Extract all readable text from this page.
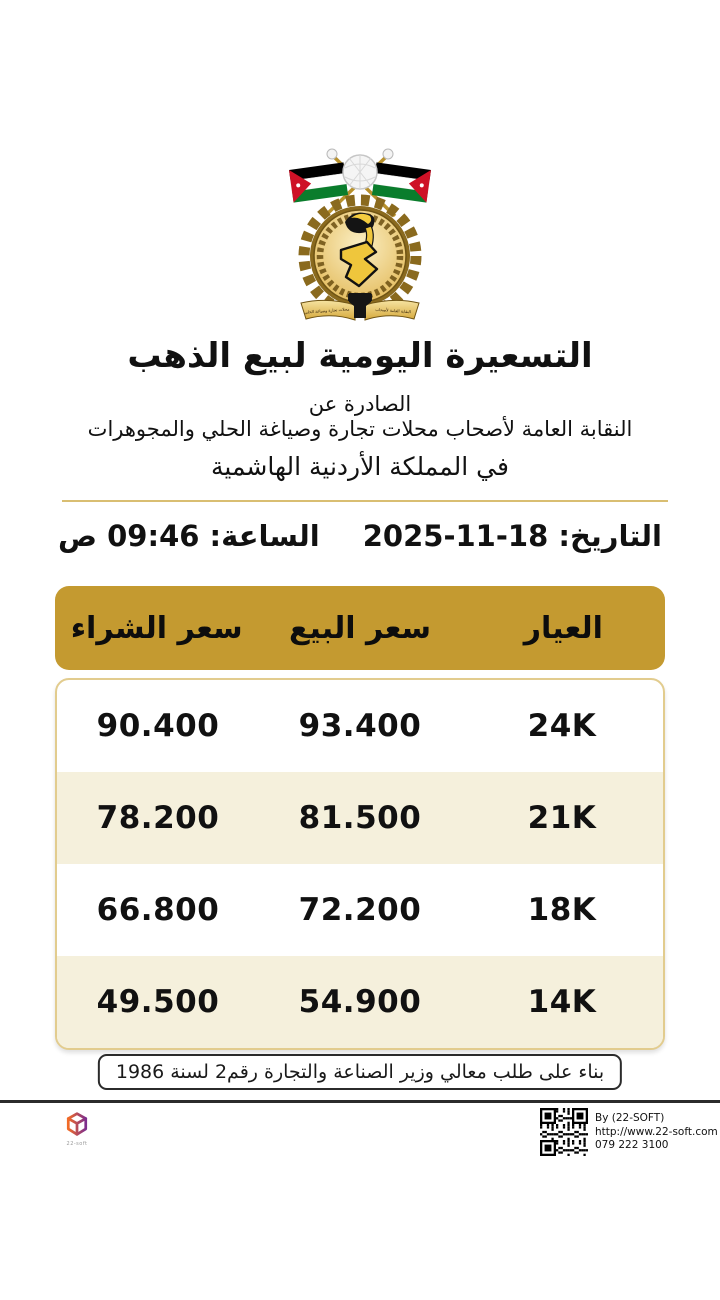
محلات تجارة وصياغة الحلي	النقابة العامة لأصحاب
التسعيرة اليومية لبيع الذهب
الصادرة عن
النقابة العامة لأصحاب محلات تجارة وصياغة الحلي والمجوهرات
في المملكة الأردنية الهاشمية
التاريخ: 18-11-2025
الساعة: 09:46 ص
العيار
سعر البيع
سعر الشراء
24K
93.400
90.400
21K
81.500
78.200
18K
72.200
66.800
14K
54.900
49.500
بناء على طلب معالي وزير الصناعة والتجارة رقم2 لسنة 1986
22-soft
By (22-SOFT)
http://www.22-soft.com
079 222 3100
